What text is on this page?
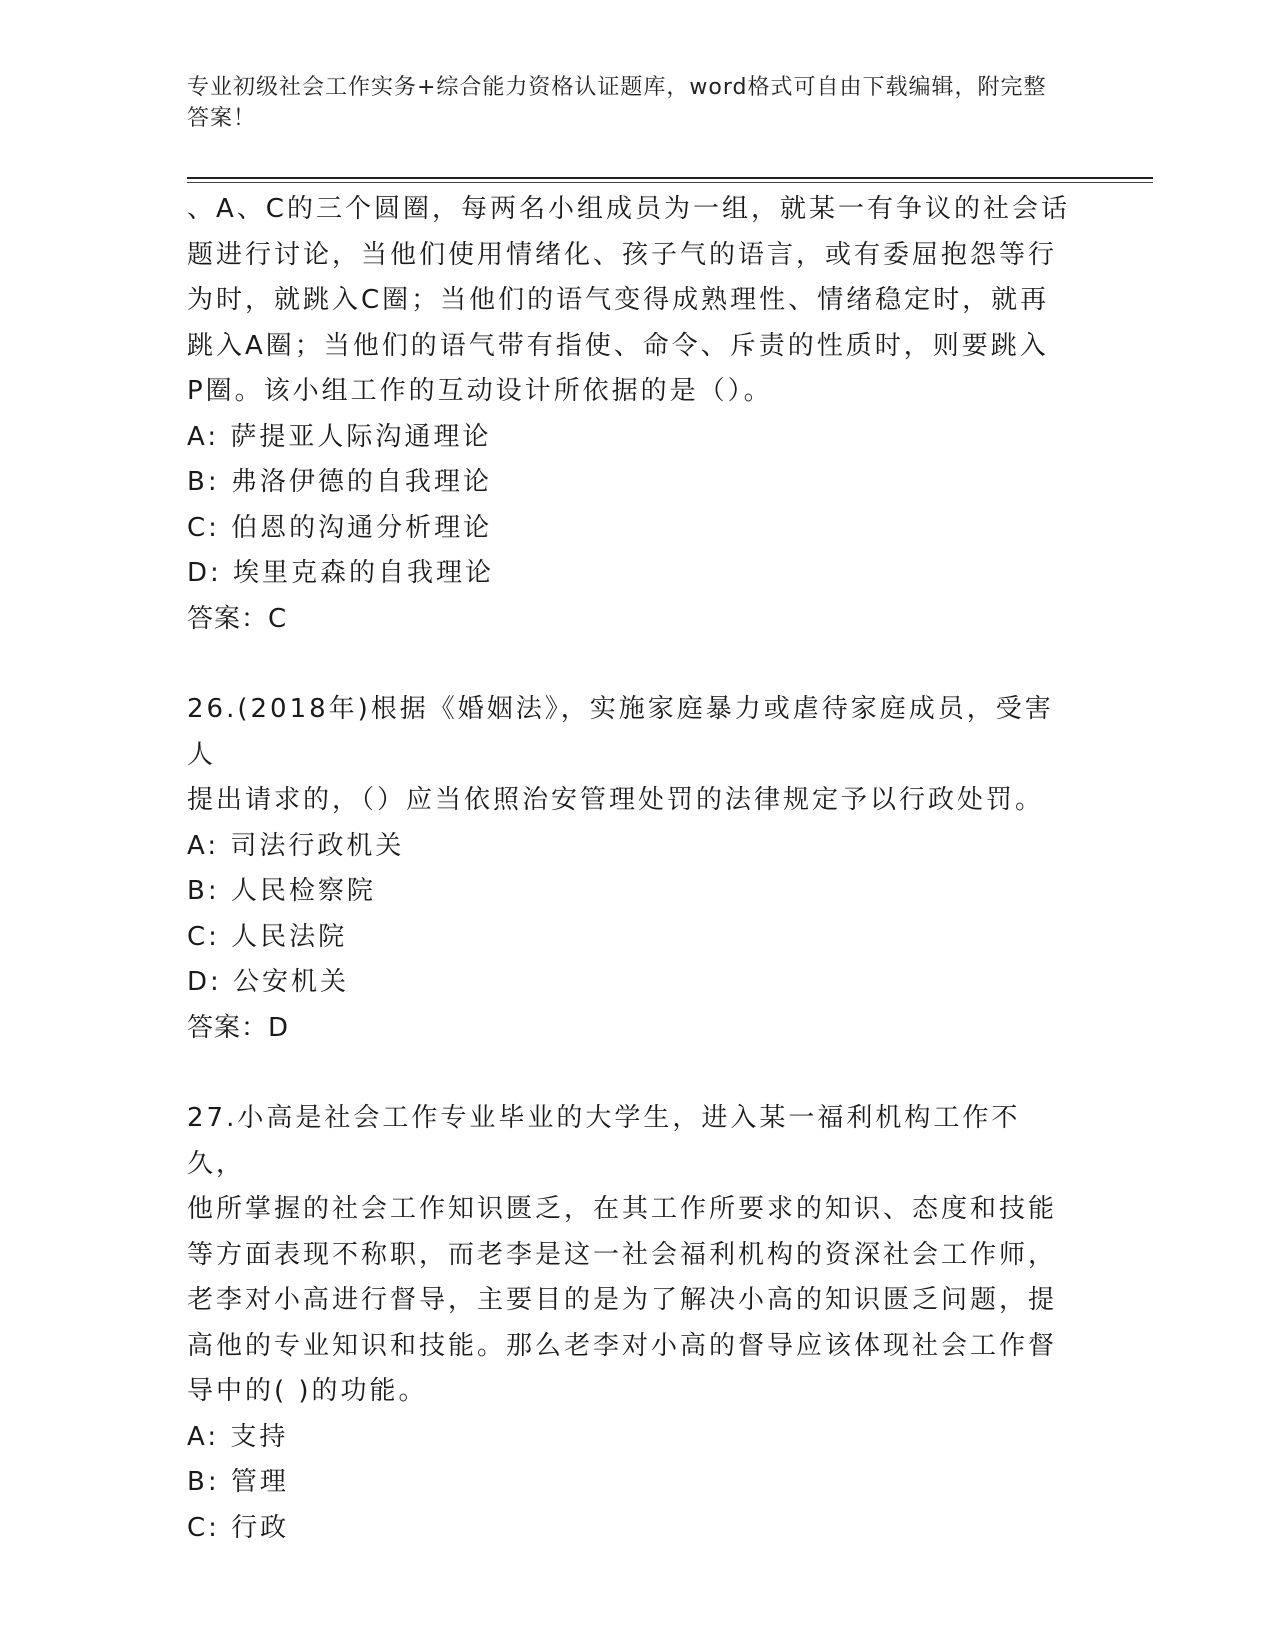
专业初级社会工作实务+综合能力资格认证题库，word格式可自由下载编辑，附完整答案！

、A、C的三个圆圈，每两名小组成员为一组，就某一有争议的社会话

题进行讨论，当他们使用情绪化、孩子气的语言，或有委屈抱怨等行

为时，就跳入C圈；当他们的语气变得成熟理性、情绪稳定时，就再

跳入A圈；当他们的语气带有指使、命令、斥责的性质时，则要跳入

P圈。该小组工作的互动设计所依据的是（）。

A: 萨提亚人际沟通理论

B: 弗洛伊德的自我理论

C: 伯恩的沟通分析理论

D: 埃里克森的自我理论

答案：C

26.(2018年)根据《婚姻法》，实施家庭暴力或虐待家庭成员，受害人

提出请求的，（）应当依照治安管理处罚的法律规定予以行政处罚。

A: 司法行政机关

B: 人民检察院

C: 人民法院

D: 公安机关

答案：D

27.小高是社会工作专业毕业的大学生，进入某一福利机构工作不久，

他所掌握的社会工作知识匮乏，在其工作所要求的知识、态度和技能

等方面表现不称职，而老李是这一社会福利机构的资深社会工作师，

老李对小高进行督导，主要目的是为了解决小高的知识匮乏问题，提

高他的专业知识和技能。那么老李对小高的督导应该体现社会工作督

导中的( )的功能。

A: 支持

B: 管理

C: 行政
